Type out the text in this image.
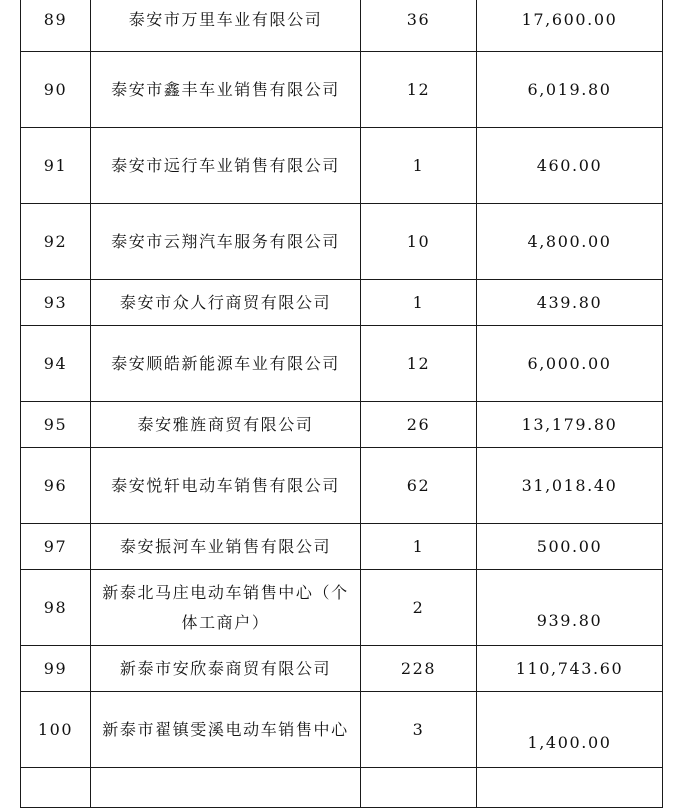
89	泰安市万里车业有限公司	36	17,600.00
90	泰安市鑫丰车业销售有限公司	12	6,019.80
91	泰安市远行车业销售有限公司	1	460.00
92	泰安市云翔汽车服务有限公司	10	4,800.00
93	泰安市众人行商贸有限公司	1	439.80
94	泰安顺皓新能源车业有限公司	12	6,000.00
95	泰安雅旌商贸有限公司	26	13,179.80
96	泰安悦轩电动车销售有限公司	62	31,018.40
97	泰安振河车业销售有限公司	1	500.00
98	新泰北马庄电动车销售中心（个体工商户）	2	939.80
99	新泰市安欣泰商贸有限公司	228	110,743.60
100	新泰市翟镇雯溪电动车销售中心	3	1,400.00
